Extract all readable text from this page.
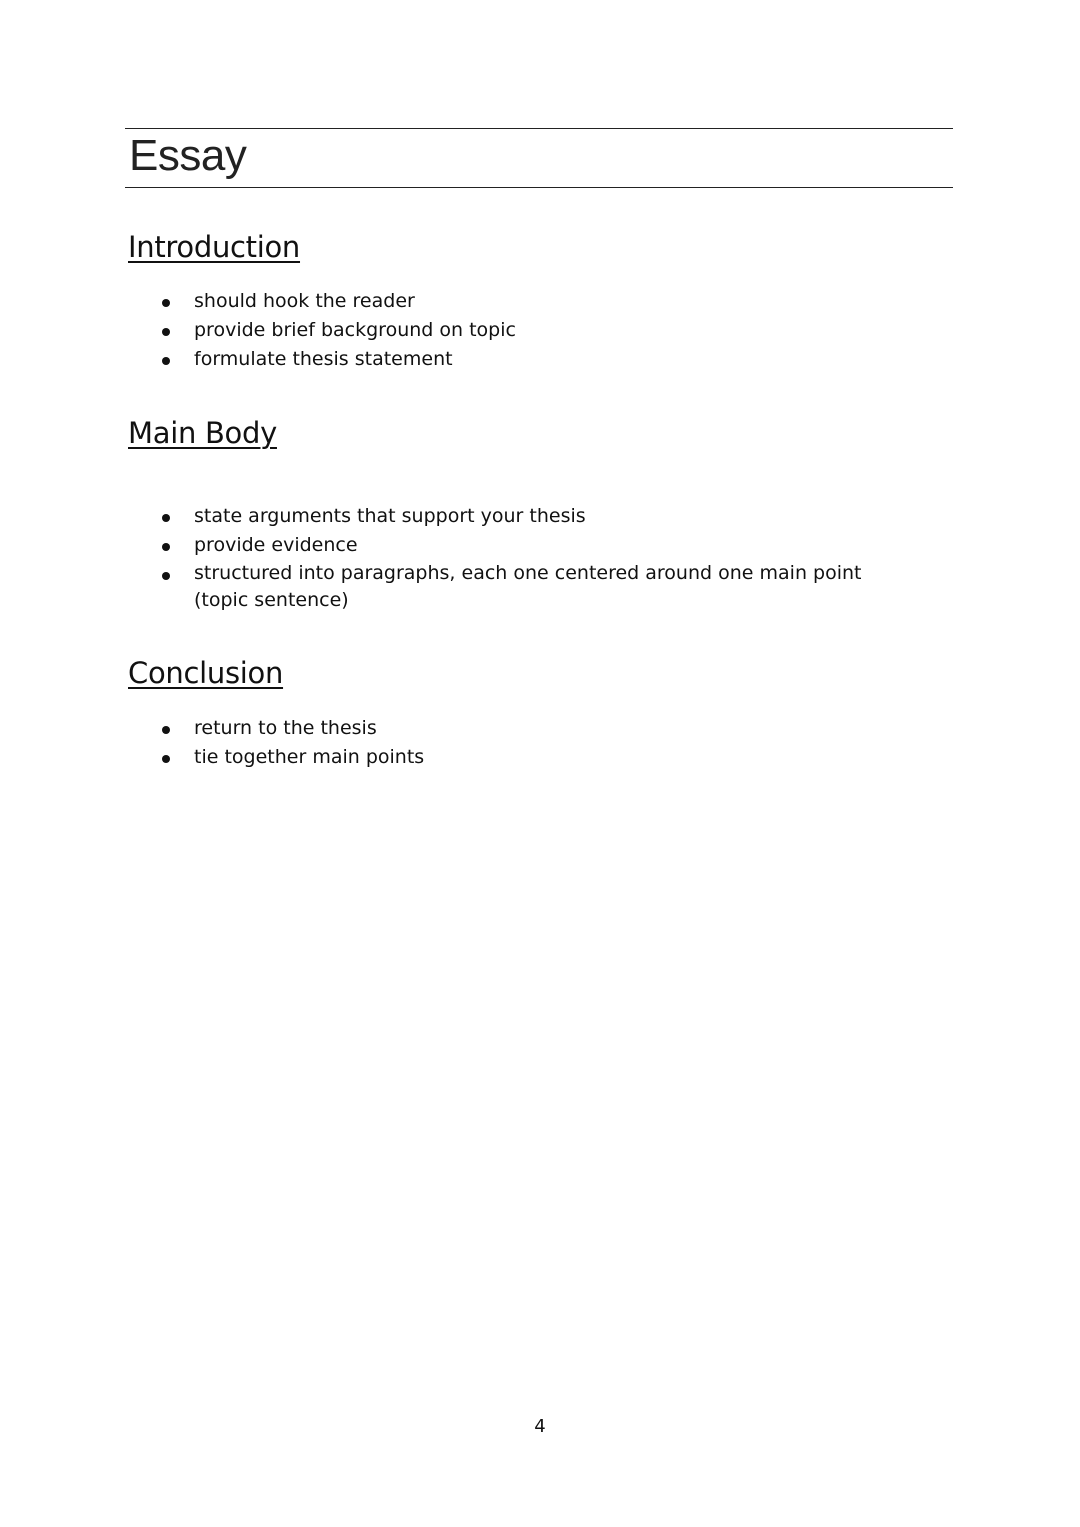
Essay
Introduction
should hook the reader
provide brief background on topic
formulate thesis statement
Main Body
state arguments that support your thesis
provide evidence
structured into paragraphs, each one centered around one main point (topic sentence)
Conclusion
return to the thesis
tie together main points
4
